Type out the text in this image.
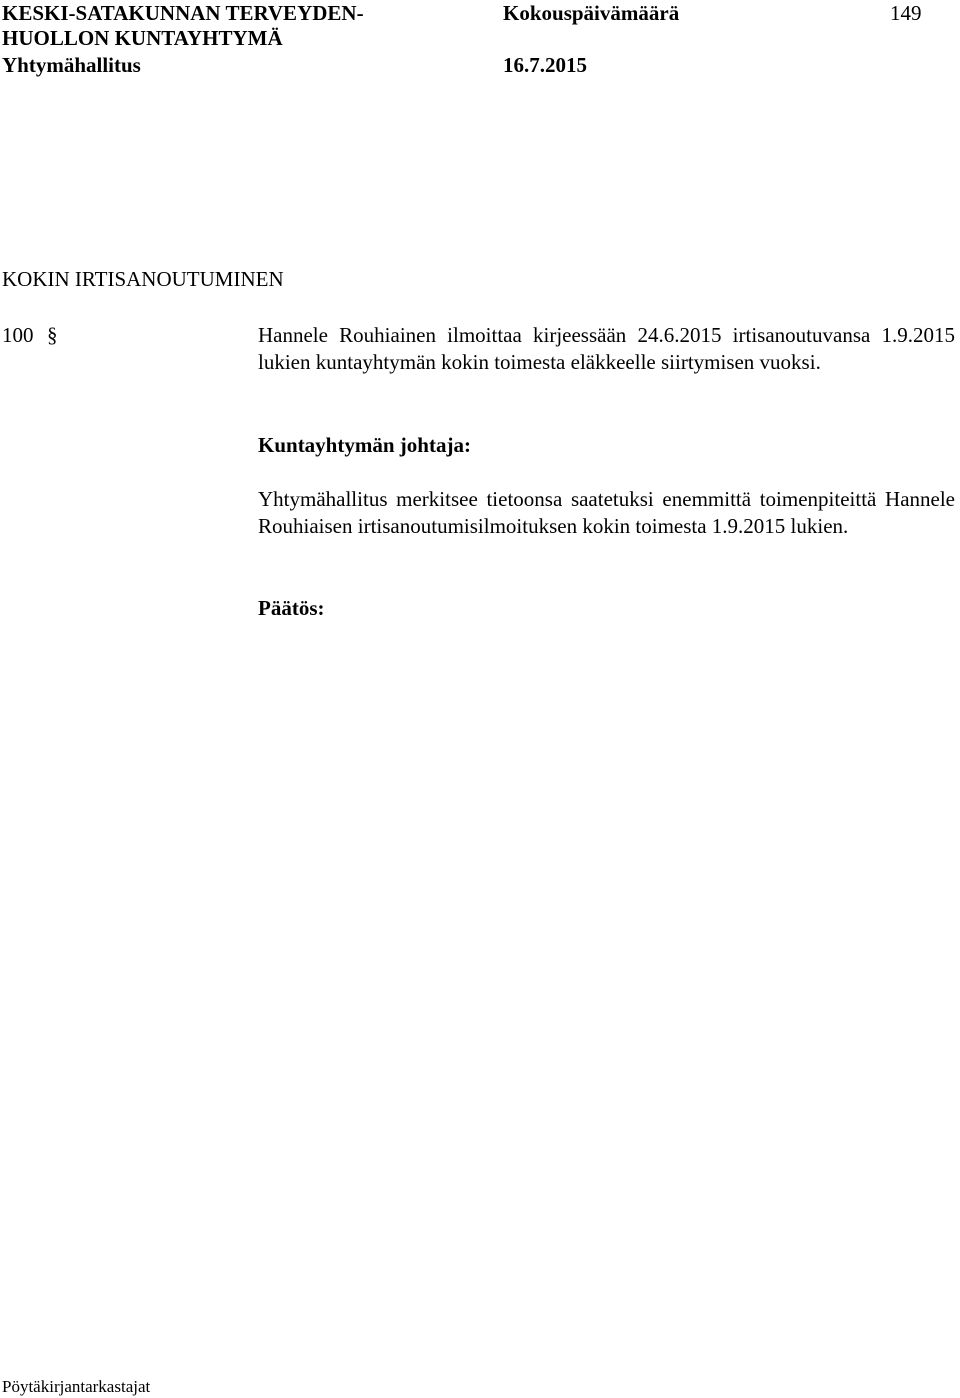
KESKI-SATAKUNNAN TERVEYDEN-
HUOLLON KUNTAYHTYMÄ
Yhtymähallitus
Kokouspäivämäärä
16.7.2015
149
KOKIN IRTISANOUTUMINEN
100 §	Hannele Rouhiainen ilmoittaa kirjeessään 24.6.2015 irtisanoutuvansa 1.9.2015 lukien kuntayhtymän kokin toimesta eläkkeelle siirtymisen vuoksi.
Kuntayhtymän johtaja:
Yhtymähallitus merkitsee tietoonsa saatetuksi enemmittä toimenpiteittä Hannele Rouhiaisen irtisanoutumisilmoituksen kokin toimesta 1.9.2015 lukien.
Päätös:
Pöytäkirjantarkastajat
